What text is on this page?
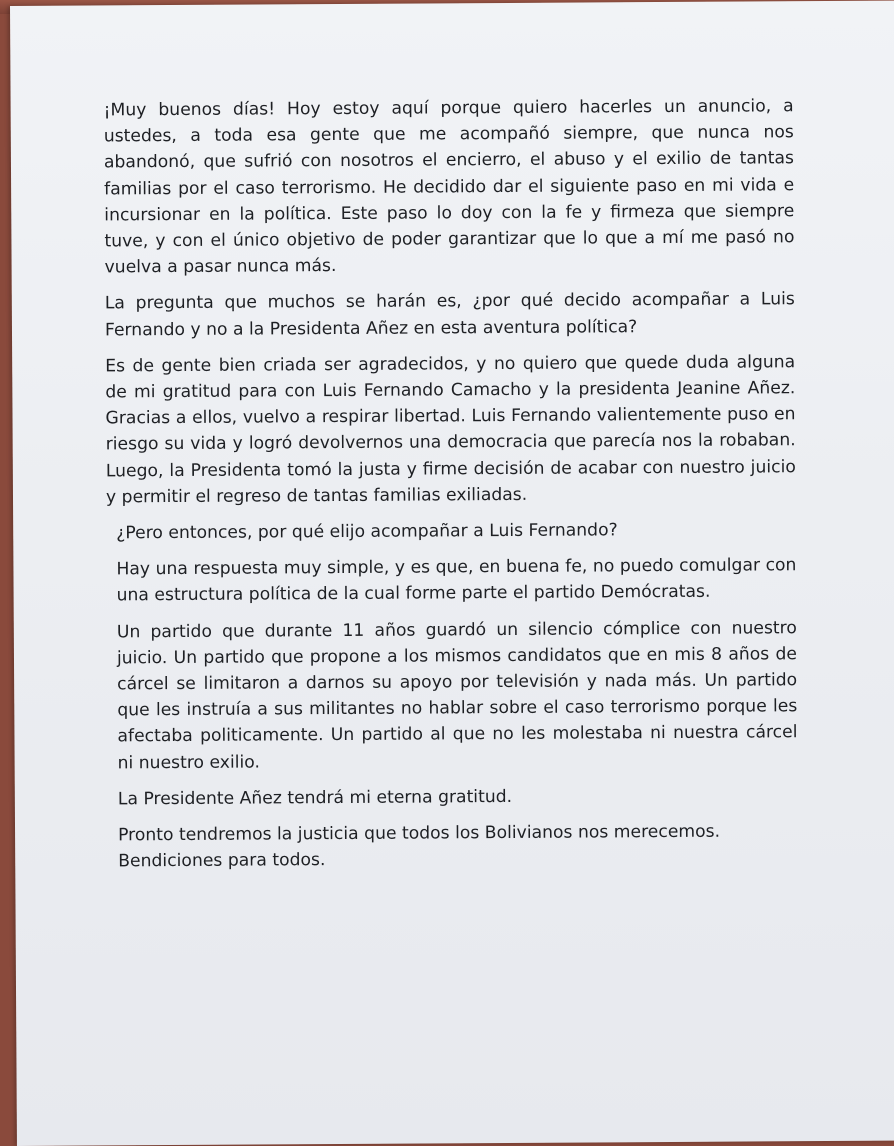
¡Muy buenos días! Hoy estoy aquí porque quiero hacerles un anuncio, a ustedes, a toda esa gente que me acompañó siempre, que nunca nos abandonó, que sufrió con nosotros el encierro, el abuso y el exilio de tantas familias por el caso terrorismo. He decidido dar el siguiente paso en mi vida e incursionar en la política. Este paso lo doy con la fe y firmeza que siempre tuve, y con el único objetivo de poder garantizar que lo que a mí me pasó no vuelva a pasar nunca más.

La pregunta que muchos se harán es, ¿por qué decido acompañar a Luis Fernando y no a la Presidenta Añez en esta aventura política?

Es de gente bien criada ser agradecidos, y no quiero que quede duda alguna de mi gratitud para con Luis Fernando Camacho y la presidenta Jeanine Añez. Gracias a ellos, vuelvo a respirar libertad. Luis Fernando valientemente puso en riesgo su vida y logró devolvernos una democracia que parecía nos la robaban. Luego, la Presidenta tomó la justa y firme decisión de acabar con nuestro juicio y permitir el regreso de tantas familias exiliadas.

¿Pero entonces, por qué elijo acompañar a Luis Fernando?

Hay una respuesta muy simple, y es que, en buena fe, no puedo comulgar con una estructura política de la cual forme parte el partido Demócratas.

Un partido que durante 11 años guardó un silencio cómplice con nuestro juicio. Un partido que propone a los mismos candidatos que en mis 8 años de cárcel se limitaron a darnos su apoyo por televisión y nada más. Un partido que les instruía a sus militantes no hablar sobre el caso terrorismo porque les afectaba politicamente. Un partido al que no les molestaba ni nuestra cárcel ni nuestro exilio.

La Presidente Añez tendrá mi eterna gratitud.

Pronto tendremos la justicia que todos los Bolivianos nos merecemos. Bendiciones para todos.
